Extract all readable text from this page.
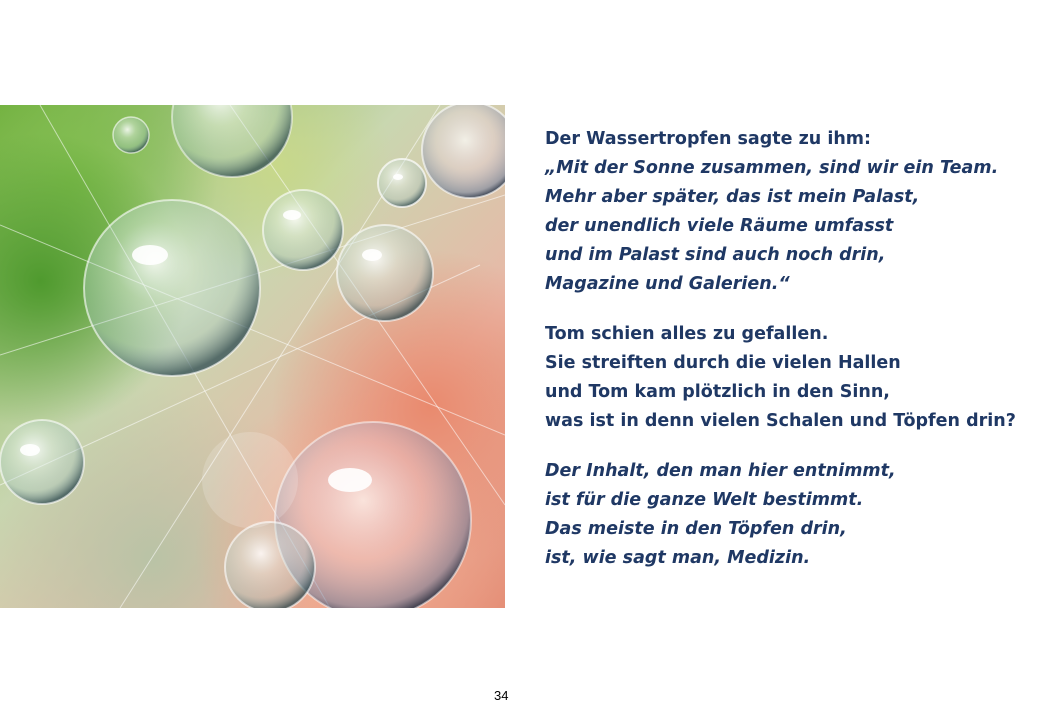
Der Wassertropfen sagte zu ihm:
„Mit der Sonne zusammen, sind wir ein Team.
Mehr aber später, das ist mein Palast,
der unendlich viele Räume umfasst
und im Palast sind auch noch drin,
Magazine und Galerien.“

Tom schien alles zu gefallen.
Sie streiften durch die vielen Hallen
und Tom kam plötzlich in den Sinn,
was ist in denn vielen Schalen und Töpfen drin?

Der Inhalt, den man hier entnimmt,
ist für die ganze Welt bestimmt.
Das meiste in den Töpfen drin,
ist, wie sagt man, Medizin.

34
